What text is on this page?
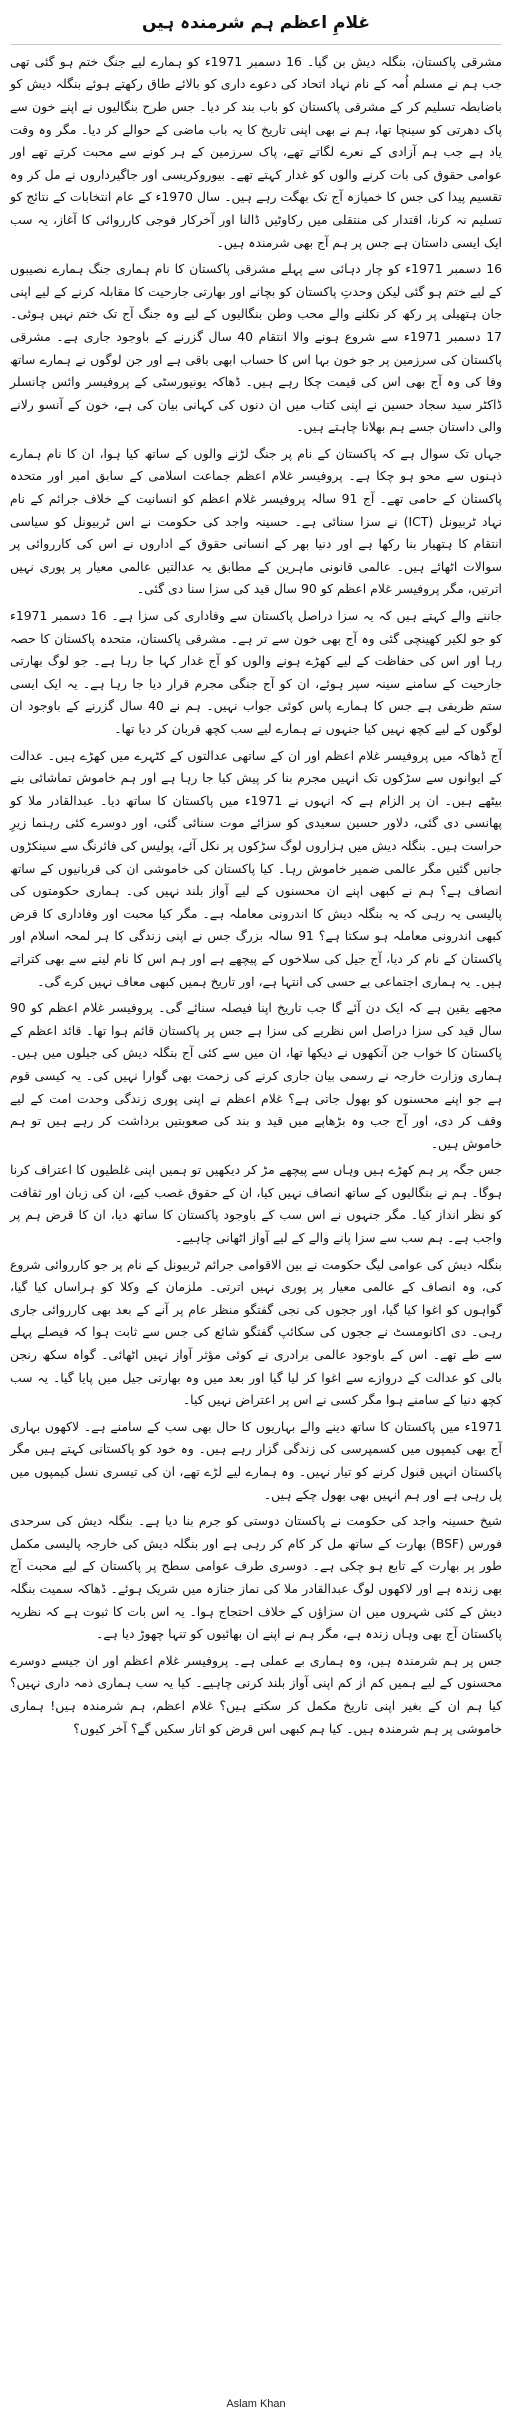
غلامِ اعظم ہم شرمندہ ہیں

مشرقی پاکستان، بنگلہ دیش بن گیا۔ 16 دسمبر 1971ء کو ہمارے لیے جنگ ختم ہو گئی تھی جب ہم نے مسلم اُمہ کے نام نہاد اتحاد کی دعوے داری کو بالائے طاق رکھتے ہوئے بنگلہ دیش کو باضابطہ تسلیم کر کے مشرقی پاکستان کو باب بند کر دیا۔ جس طرح بنگالیوں نے اپنے خون سے پاک دھرتی کو سینچا تھا، ہم نے بھی اپنی تاریخ کا یہ باب ماضی کے حوالے کر دیا۔ مگر وہ وقت یاد ہے جب ہم آزادی کے نعرے لگاتے تھے، پاک سرزمین کے ہر کونے سے محبت کرتے تھے اور عوامی حقوق کی بات کرنے والوں کو غدار کہتے تھے۔ بیوروکریسی اور جاگیرداروں نے مل کر وہ تقسیم پیدا کی جس کا خمیازہ آج تک بھگت رہے ہیں۔ سال 1970ء کے عام انتخابات کے نتائج کو تسلیم نہ کرنا، اقتدار کی منتقلی میں رکاوٹیں ڈالنا اور آخرکار فوجی کارروائی کا آغاز، یہ سب ایک ایسی داستان ہے جس پر ہم آج بھی شرمندہ ہیں۔

16 دسمبر 1971ء کو چار دہائی سے پہلے مشرقی پاکستان کا نام ہماری جنگ ہمارے نصیبوں کے لیے ختم ہو گئی لیکن وحدتِ پاکستان کو بچانے اور بھارتی جارحیت کا مقابلہ کرنے کے لیے اپنی جان ہتھیلی پر رکھ کر نکلنے والے محب وطن بنگالیوں کے لیے وہ جنگ آج تک ختم نہیں ہوئی۔ 17 دسمبر 1971ء سے شروع ہونے والا انتقام 40 سال گزرنے کے باوجود جاری ہے۔ مشرقی پاکستان کی سرزمین پر جو خون بہا اس کا حساب ابھی باقی ہے اور جن لوگوں نے ہمارے ساتھ وفا کی وہ آج بھی اس کی قیمت چکا رہے ہیں۔ ڈھاکہ یونیورسٹی کے پروفیسر وائس چانسلر ڈاکٹر سید سجاد حسین نے اپنی کتاب میں ان دنوں کی کہانی بیان کی ہے، خون کے آنسو رلانے والی داستان جسے ہم بھلانا چاہتے ہیں۔

جہاں تک سوال ہے کہ پاکستان کے نام پر جنگ لڑنے والوں کے ساتھ کیا ہوا، ان کا نام ہمارے ذہنوں سے محو ہو چکا ہے۔ پروفیسر غلام اعظم جماعت اسلامی کے سابق امیر اور متحدہ پاکستان کے حامی تھے۔ آج 91 سالہ پروفیسر غلام اعظم کو انسانیت کے خلاف جرائم کے نام نہاد ٹربیونل (ICT) نے سزا سنائی ہے۔ حسینہ واجد کی حکومت نے اس ٹربیونل کو سیاسی انتقام کا ہتھیار بنا رکھا ہے اور دنیا بھر کے انسانی حقوق کے اداروں نے اس کی کارروائی پر سوالات اٹھائے ہیں۔ عالمی قانونی ماہرین کے مطابق یہ عدالتیں عالمی معیار پر پوری نہیں اترتیں، مگر پروفیسر غلام اعظم کو 90 سال قید کی سزا سنا دی گئی۔

جاننے والے کہتے ہیں کہ یہ سزا دراصل پاکستان سے وفاداری کی سزا ہے۔ 16 دسمبر 1971ء کو جو لکیر کھینچی گئی وہ آج بھی خون سے تر ہے۔ مشرقی پاکستان، متحدہ پاکستان کا حصہ رہا اور اس کی حفاظت کے لیے کھڑے ہونے والوں کو آج غدار کہا جا رہا ہے۔ جو لوگ بھارتی جارحیت کے سامنے سینہ سپر ہوئے، ان کو آج جنگی مجرم قرار دیا جا رہا ہے۔ یہ ایک ایسی ستم ظریفی ہے جس کا ہمارے پاس کوئی جواب نہیں۔ ہم نے 40 سال گزرنے کے باوجود ان لوگوں کے لیے کچھ نہیں کیا جنہوں نے ہمارے لیے سب کچھ قربان کر دیا تھا۔

آج ڈھاکہ میں پروفیسر غلام اعظم اور ان کے ساتھی عدالتوں کے کٹہرے میں کھڑے ہیں۔ عدالت کے ایوانوں سے سڑکوں تک انہیں مجرم بنا کر پیش کیا جا رہا ہے اور ہم خاموش تماشائی بنے بیٹھے ہیں۔ ان پر الزام ہے کہ انہوں نے 1971ء میں پاکستان کا ساتھ دیا۔ عبدالقادر ملا کو پھانسی دی گئی، دلاور حسین سعیدی کو سزائے موت سنائی گئی، اور دوسرے کئی رہنما زیرِ حراست ہیں۔ بنگلہ دیش میں ہزاروں لوگ سڑکوں پر نکل آئے، پولیس کی فائرنگ سے سینکڑوں جانیں گئیں مگر عالمی ضمیر خاموش رہا۔ کیا پاکستان کی خاموشی ان کی قربانیوں کے ساتھ انصاف ہے؟ ہم نے کبھی اپنے ان محسنوں کے لیے آواز بلند نہیں کی۔ ہماری حکومتوں کی پالیسی یہ رہی کہ یہ بنگلہ دیش کا اندرونی معاملہ ہے۔ مگر کیا محبت اور وفاداری کا قرض کبھی اندرونی معاملہ ہو سکتا ہے؟ 91 سالہ بزرگ جس نے اپنی زندگی کا ہر لمحہ اسلام اور پاکستان کے نام کر دیا، آج جیل کی سلاخوں کے پیچھے ہے اور ہم اس کا نام لینے سے بھی کتراتے ہیں۔ یہ ہماری اجتماعی بے حسی کی انتہا ہے، اور تاریخ ہمیں کبھی معاف نہیں کرے گی۔

مجھے یقین ہے کہ ایک دن آئے گا جب تاریخ اپنا فیصلہ سنائے گی۔ پروفیسر غلام اعظم کو 90 سال قید کی سزا دراصل اس نظریے کی سزا ہے جس پر پاکستان قائم ہوا تھا۔ قائد اعظم کے پاکستان کا خواب جن آنکھوں نے دیکھا تھا، ان میں سے کئی آج بنگلہ دیش کی جیلوں میں ہیں۔ ہماری وزارت خارجہ نے رسمی بیان جاری کرنے کی زحمت بھی گوارا نہیں کی۔ یہ کیسی قوم ہے جو اپنے محسنوں کو بھول جاتی ہے؟ غلام اعظم نے اپنی پوری زندگی وحدت امت کے لیے وقف کر دی، اور آج جب وہ بڑھاپے میں قید و بند کی صعوبتیں برداشت کر رہے ہیں تو ہم خاموش ہیں۔

جس جگہ پر ہم کھڑے ہیں وہاں سے پیچھے مڑ کر دیکھیں تو ہمیں اپنی غلطیوں کا اعتراف کرنا ہوگا۔ ہم نے بنگالیوں کے ساتھ انصاف نہیں کیا، ان کے حقوق غصب کیے، ان کی زبان اور ثقافت کو نظر انداز کیا۔ مگر جنہوں نے اس سب کے باوجود پاکستان کا ساتھ دیا، ان کا قرض ہم پر واجب ہے۔ ہم سب سے سزا پانے والے کے لیے آواز اٹھانی چاہیے۔

بنگلہ دیش کی عوامی لیگ حکومت نے بین الاقوامی جرائم ٹربیونل کے نام پر جو کارروائی شروع کی، وہ انصاف کے عالمی معیار پر پوری نہیں اترتی۔ ملزمان کے وکلا کو ہراساں کیا گیا، گواہوں کو اغوا کیا گیا، اور ججوں کی نجی گفتگو منظر عام پر آنے کے بعد بھی کارروائی جاری رہی۔ دی اکانومسٹ نے ججوں کی سکائپ گفتگو شائع کی جس سے ثابت ہوا کہ فیصلے پہلے سے طے تھے۔ اس کے باوجود عالمی برادری نے کوئی مؤثر آواز نہیں اٹھائی۔ گواہ سکھ رنجن بالی کو عدالت کے دروازے سے اغوا کر لیا گیا اور بعد میں وہ بھارتی جیل میں پایا گیا۔ یہ سب کچھ دنیا کے سامنے ہوا مگر کسی نے اس پر اعتراض نہیں کیا۔

1971ء میں پاکستان کا ساتھ دینے والے بہاریوں کا حال بھی سب کے سامنے ہے۔ لاکھوں بہاری آج بھی کیمپوں میں کسمپرسی کی زندگی گزار رہے ہیں۔ وہ خود کو پاکستانی کہتے ہیں مگر پاکستان انہیں قبول کرنے کو تیار نہیں۔ وہ ہمارے لیے لڑے تھے، ان کی تیسری نسل کیمپوں میں پل رہی ہے اور ہم انہیں بھی بھول چکے ہیں۔

شیخ حسینہ واجد کی حکومت نے پاکستان دوستی کو جرم بنا دیا ہے۔ بنگلہ دیش کی سرحدی فورس (BSF) بھارت کے ساتھ مل کر کام کر رہی ہے اور بنگلہ دیش کی خارجہ پالیسی مکمل طور پر بھارت کے تابع ہو چکی ہے۔ دوسری طرف عوامی سطح پر پاکستان کے لیے محبت آج بھی زندہ ہے اور لاکھوں لوگ عبدالقادر ملا کی نماز جنازہ میں شریک ہوئے۔ ڈھاکہ سمیت بنگلہ دیش کے کئی شہروں میں ان سزاؤں کے خلاف احتجاج ہوا۔ یہ اس بات کا ثبوت ہے کہ نظریہ پاکستان آج بھی وہاں زندہ ہے، مگر ہم نے اپنے ان بھائیوں کو تنہا چھوڑ دیا ہے۔

جس پر ہم شرمندہ ہیں، وہ ہماری بے عملی ہے۔ پروفیسر غلام اعظم اور ان جیسے دوسرے محسنوں کے لیے ہمیں کم از کم اپنی آواز بلند کرنی چاہیے۔ کیا یہ سب ہماری ذمہ داری نہیں؟ کیا ہم ان کے بغیر اپنی تاریخ مکمل کر سکتے ہیں؟ غلام اعظم، ہم شرمندہ ہیں! ہماری خاموشی پر ہم شرمندہ ہیں۔ کیا ہم کبھی اس قرض کو اتار سکیں گے؟ آخر کیوں؟

Aslam Khan
